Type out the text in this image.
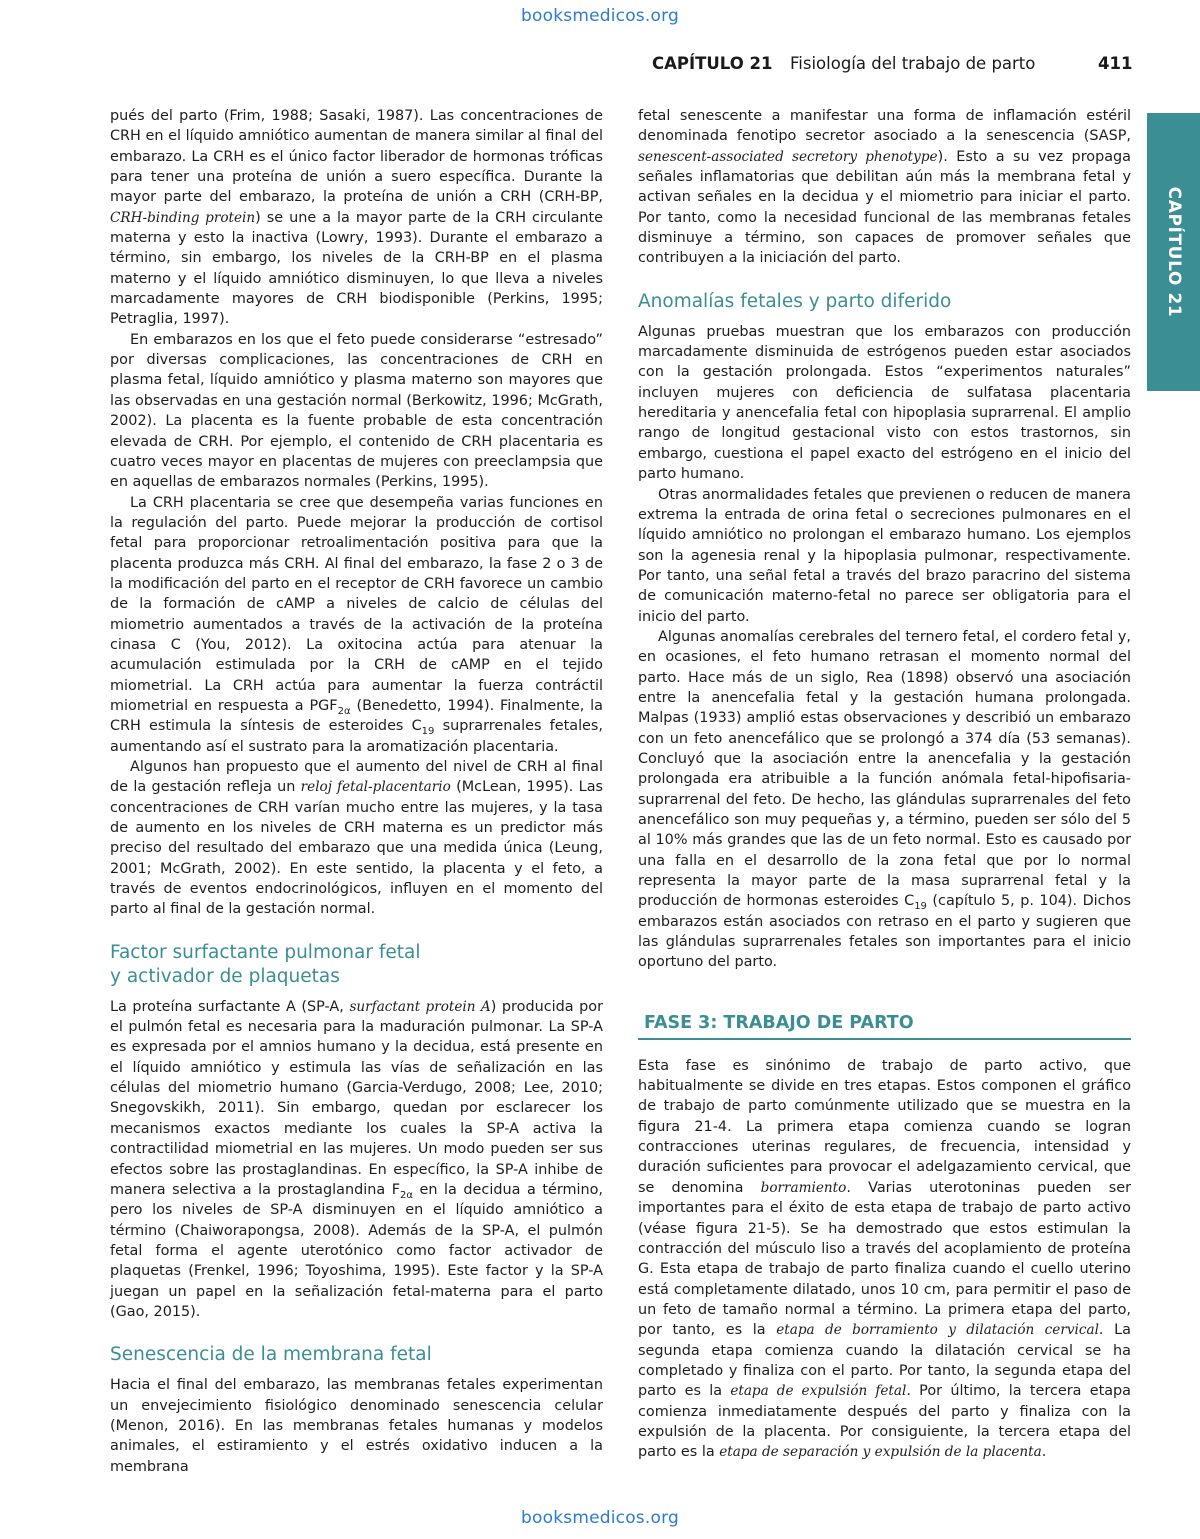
booksmedicos.org
CAPÍTULO 21 Fisiología del trabajo de parto	411
CAPÍTULO 21

pués del parto (Frim, 1988; Sasaki, 1987). Las concentraciones de CRH en el líquido amniótico aumentan de manera similar al final del embarazo. La CRH es el único factor liberador de hormonas tróficas para tener una proteína de unión a suero específica. Durante la mayor parte del embarazo, la proteína de unión a CRH (CRH-BP, CRH-binding protein) se une a la mayor parte de la CRH circulante materna y esto la inactiva (Lowry, 1993). Durante el embarazo a término, sin embargo, los niveles de la CRH-BP en el plasma materno y el líquido amniótico disminuyen, lo que lleva a niveles marcadamente mayores de CRH biodisponible (Perkins, 1995; Petraglia, 1997).

En embarazos en los que el feto puede considerarse “estresado” por diversas complicaciones, las concentraciones de CRH en plasma fetal, líquido amniótico y plasma materno son mayores que las observadas en una gestación normal (Berkowitz, 1996; McGrath, 2002). La placenta es la fuente probable de esta concentración elevada de CRH. Por ejemplo, el contenido de CRH placentaria es cuatro veces mayor en placentas de mujeres con preeclampsia que en aquellas de embarazos normales (Perkins, 1995).

La CRH placentaria se cree que desempeña varias funciones en la regulación del parto. Puede mejorar la producción de cortisol fetal para proporcionar retroalimentación positiva para que la placenta produzca más CRH. Al final del embarazo, la fase 2 o 3 de la modificación del parto en el receptor de CRH favorece un cambio de la formación de cAMP a niveles de calcio de células del miometrio aumentados a través de la activación de la proteína cinasa C (You, 2012). La oxitocina actúa para atenuar la acumulación estimulada por la CRH de cAMP en el tejido miometrial. La CRH actúa para aumentar la fuerza contráctil miometrial en respuesta a $PGF_{2\alpha}$ (Benedetto, 1994). Finalmente, la CRH estimula la síntesis de esteroides $C_{19}$ suprarrenales fetales, aumentando así el sustrato para la aromatización placentaria.

Algunos han propuesto que el aumento del nivel de CRH al final de la gestación refleja un reloj fetal-placentario (McLean, 1995). Las concentraciones de CRH varían mucho entre las mujeres, y la tasa de aumento en los niveles de CRH materna es un predictor más preciso del resultado del embarazo que una medida única (Leung, 2001; McGrath, 2002). En este sentido, la placenta y el feto, a través de eventos endocrinológicos, influyen en el momento del parto al final de la gestación normal.

Factor surfactante pulmonar fetal
y activador de plaquetas

La proteína surfactante A (SP-A, surfactant protein A) producida por el pulmón fetal es necesaria para la maduración pulmonar. La SP-A es expresada por el amnios humano y la decidua, está presente en el líquido amniótico y estimula las vías de señalización en las células del miometrio humano (Garcia-Verdugo, 2008; Lee, 2010; Snegovskikh, 2011). Sin embargo, quedan por esclarecer los mecanismos exactos mediante los cuales la SP-A activa la contractilidad miometrial en las mujeres. Un modo pueden ser sus efectos sobre las prostaglandinas. En específico, la SP-A inhibe de manera selectiva a la prostaglandina $F_{2\alpha}$ en la decidua a término, pero los niveles de SP-A disminuyen en el líquido amniótico a término (Chaiworapongsa, 2008). Además de la SP-A, el pulmón fetal forma el agente uterotónico como factor activador de plaquetas (Frenkel, 1996; Toyoshima, 1995). Este factor y la SP-A juegan un papel en la señalización fetal-materna para el parto (Gao, 2015).

Senescencia de la membrana fetal

Hacia el final del embarazo, las membranas fetales experimentan un envejecimiento fisiológico denominado senescencia celular (Menon, 2016). En las membranas fetales humanas y modelos animales, el estiramiento y el estrés oxidativo inducen a la membrana

fetal senescente a manifestar una forma de inflamación estéril denominada fenotipo secretor asociado a la senescencia (SASP, senescent-associated secretory phenotype). Esto a su vez propaga señales inflamatorias que debilitan aún más la membrana fetal y activan señales en la decidua y el miometrio para iniciar el parto. Por tanto, como la necesidad funcional de las membranas fetales disminuye a término, son capaces de promover señales que contribuyen a la iniciación del parto.

Anomalías fetales y parto diferido

Algunas pruebas muestran que los embarazos con producción marcadamente disminuida de estrógenos pueden estar asociados con la gestación prolongada. Estos “experimentos naturales” incluyen mujeres con deficiencia de sulfatasa placentaria hereditaria y anencefalia fetal con hipoplasia suprarrenal. El amplio rango de longitud gestacional visto con estos trastornos, sin embargo, cuestiona el papel exacto del estrógeno en el inicio del parto humano.

Otras anormalidades fetales que previenen o reducen de manera extrema la entrada de orina fetal o secreciones pulmonares en el líquido amniótico no prolongan el embarazo humano. Los ejemplos son la agenesia renal y la hipoplasia pulmonar, respectivamente. Por tanto, una señal fetal a través del brazo paracrino del sistema de comunicación materno-fetal no parece ser obligatoria para el inicio del parto.

Algunas anomalías cerebrales del ternero fetal, el cordero fetal y, en ocasiones, el feto humano retrasan el momento normal del parto. Hace más de un siglo, Rea (1898) observó una asociación entre la anencefalia fetal y la gestación humana prolongada. Malpas (1933) amplió estas observaciones y describió un embarazo con un feto anencefálico que se prolongó a 374 día (53 semanas). Concluyó que la asociación entre la anencefalia y la gestación prolongada era atribuible a la función anómala fetal-hipofisaria-suprarrenal del feto. De hecho, las glándulas suprarrenales del feto anencefálico son muy pequeñas y, a término, pueden ser sólo del 5 al 10% más grandes que las de un feto normal. Esto es causado por una falla en el desarrollo de la zona fetal que por lo normal representa la mayor parte de la masa suprarrenal fetal y la producción de hormonas esteroides $C_{19}$ (capítulo 5, p. 104). Dichos embarazos están asociados con retraso en el parto y sugieren que las glándulas suprarrenales fetales son importantes para el inicio oportuno del parto.

FASE 3: TRABAJO DE PARTO

Esta fase es sinónimo de trabajo de parto activo, que habitualmente se divide en tres etapas. Estos componen el gráfico de trabajo de parto comúnmente utilizado que se muestra en la figura 21-4. La primera etapa comienza cuando se logran contracciones uterinas regulares, de frecuencia, intensidad y duración suficientes para provocar el adelgazamiento cervical, que se denomina borramiento. Varias uterotoninas pueden ser importantes para el éxito de esta etapa de trabajo de parto activo (véase figura 21-5). Se ha demostrado que estos estimulan la contracción del músculo liso a través del acoplamiento de proteína G. Esta etapa de trabajo de parto finaliza cuando el cuello uterino está completamente dilatado, unos 10 cm, para permitir el paso de un feto de tamaño normal a término. La primera etapa del parto, por tanto, es la etapa de borramiento y dilatación cervical. La segunda etapa comienza cuando la dilatación cervical se ha completado y finaliza con el parto. Por tanto, la segunda etapa del parto es la etapa de expulsión fetal. Por último, la tercera etapa comienza inmediatamente después del parto y finaliza con la expulsión de la placenta. Por consiguiente, la tercera etapa del parto es la etapa de separación y expulsión de la placenta.

booksmedicos.org
